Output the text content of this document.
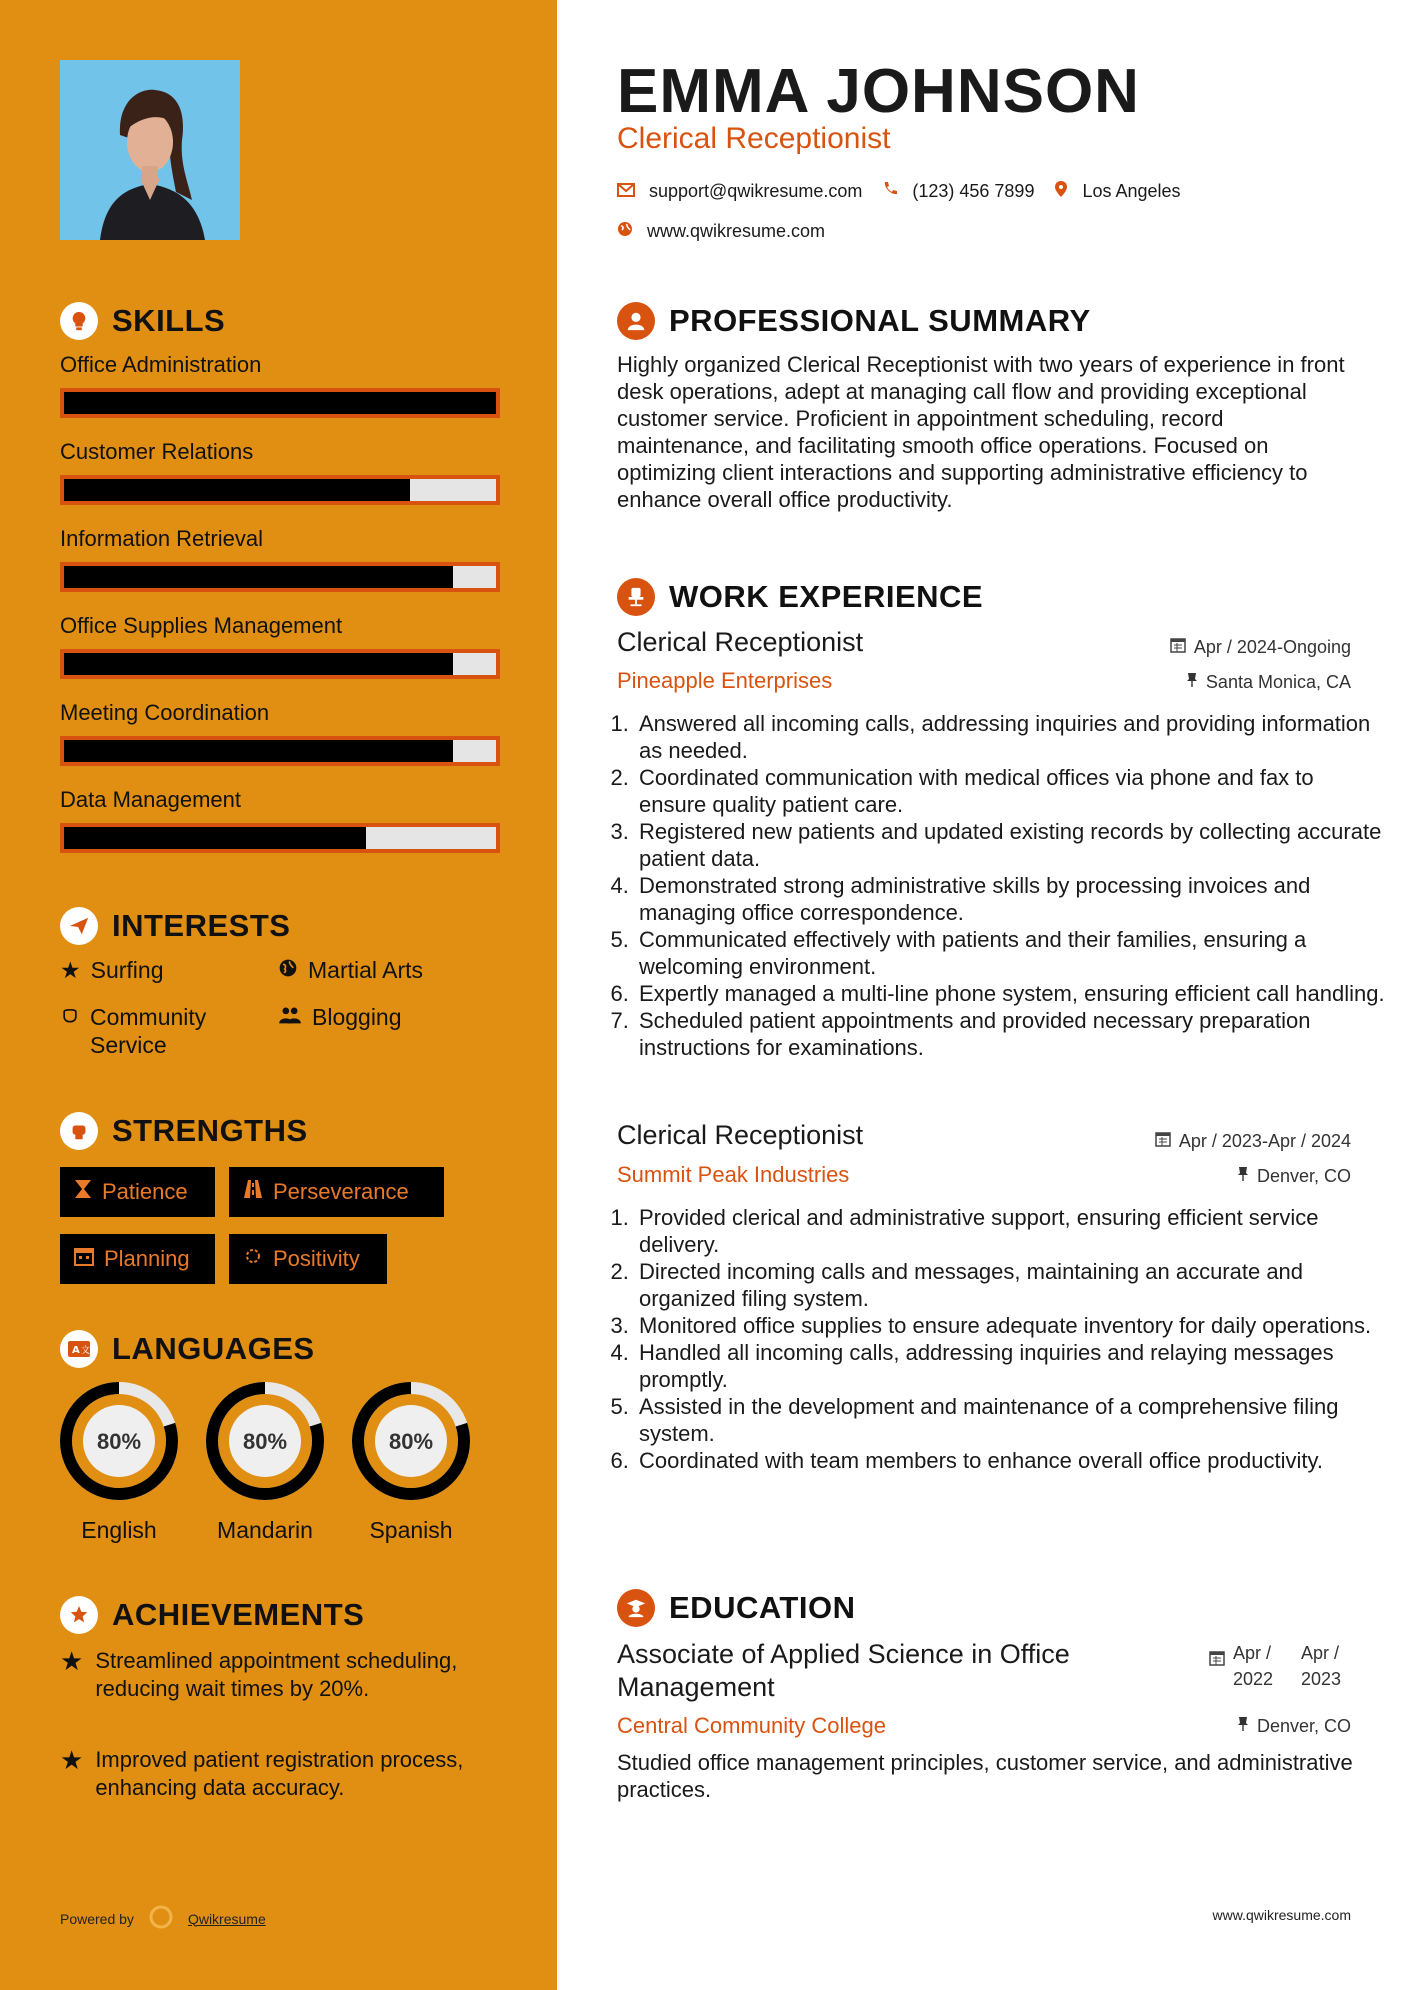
SKILLS
Office Administration
Customer Relations
Information Retrieval
Office Supplies Management
Meeting Coordination
Data Management
INTERESTS
★ Surfing	Martial Arts
Community Service
Blogging
STRENGTHS
Patience	Perseverance
Planning	Positivity
A 文 LANGUAGES
80%
English
80%
Mandarin
80%
Spanish
ACHIEVEMENTS
★ Streamlined appointment scheduling, reducing wait times by 20%.
★ Improved patient registration process, enhancing data accuracy.
Powered by	Qwikresume
EMMA JOHNSON
Clerical Receptionist
support@qwikresume.com	(123) 456 7899	Los Angeles
www.qwikresume.com
PROFESSIONAL SUMMARY
Highly organized Clerical Receptionist with two years of experience in front desk operations, adept at managing call flow and providing exceptional customer service. Proficient in appointment scheduling, record maintenance, and facilitating smooth office operations. Focused on optimizing client interactions and supporting administrative efficiency to enhance overall office productivity.
WORK EXPERIENCE
Clerical Receptionist	Apr / 2024-Ongoing
Pineapple Enterprises	Santa Monica, CA
1. Answered all incoming calls, addressing inquiries and providing information as needed.
2. Coordinated communication with medical offices via phone and fax to ensure quality patient care.
3. Registered new patients and updated existing records by collecting accurate patient data.
4. Demonstrated strong administrative skills by processing invoices and managing office correspondence.
5. Communicated effectively with patients and their families, ensuring a welcoming environment.
6. Expertly managed a multi-line phone system, ensuring efficient call handling.
7. Scheduled patient appointments and provided necessary preparation instructions for examinations.
Clerical Receptionist	Apr / 2023-Apr / 2024
Summit Peak Industries	Denver, CO
1. Provided clerical and administrative support, ensuring efficient service delivery.
2. Directed incoming calls and messages, maintaining an accurate and organized filing system.
3. Monitored office supplies to ensure adequate inventory for daily operations.
4. Handled all incoming calls, addressing inquiries and relaying messages promptly.
5. Assisted in the development and maintenance of a comprehensive filing system.
6. Coordinated with team members to enhance overall office productivity.
EDUCATION
Associate of Applied Science in Office Management
Apr / 2022
Apr / 2023
Central Community College	Denver, CO
Studied office management principles, customer service, and administrative practices.
www.qwikresume.com
